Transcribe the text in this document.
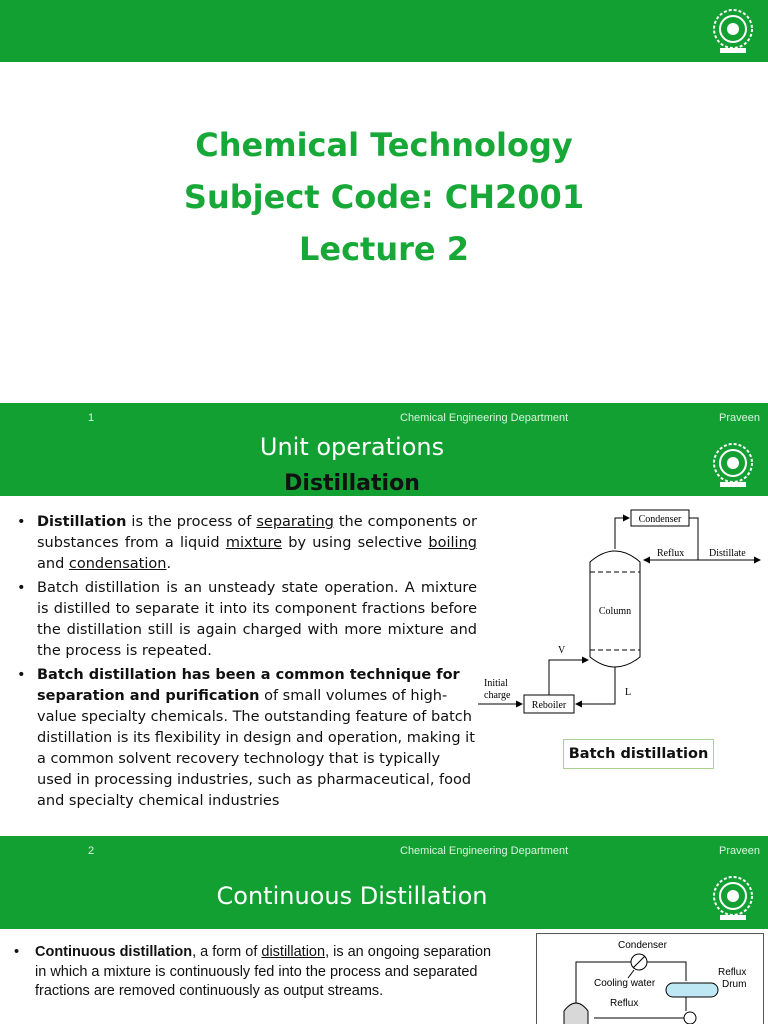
Chemical Technology
Subject Code: CH2001
Lecture 2
1	Chemical Engineering Department	Praveen
Unit operations
Distillation
• Distillation is the process of separating the components or substances from a liquid mixture by using selective boiling and condensation.
• Batch distillation is an unsteady state operation. A mixture is distilled to separate it into its component fractions before the distillation still is again charged with more mixture and the process is repeated.
• Batch distillation has been a common technique for separation and purification of small volumes of high-value specialty chemicals. The outstanding feature of batch distillation is its flexibility in design and operation, making it a common solvent recovery technology that is typically used in processing industries, such as pharmaceutical, food and specialty chemical industries
Condenser
Column
Reflux Distillate
Reboiler
V
L
Initial
charge
Batch distillation
2	Chemical Engineering Department	Praveen
Continuous Distillation
• Continuous distillation, a form of distillation, is an ongoing separation in which a mixture is continuously fed into the process and separated fractions are removed continuously as output streams.
Condenser
Cooling water
Reflux
Drum
Reflux
